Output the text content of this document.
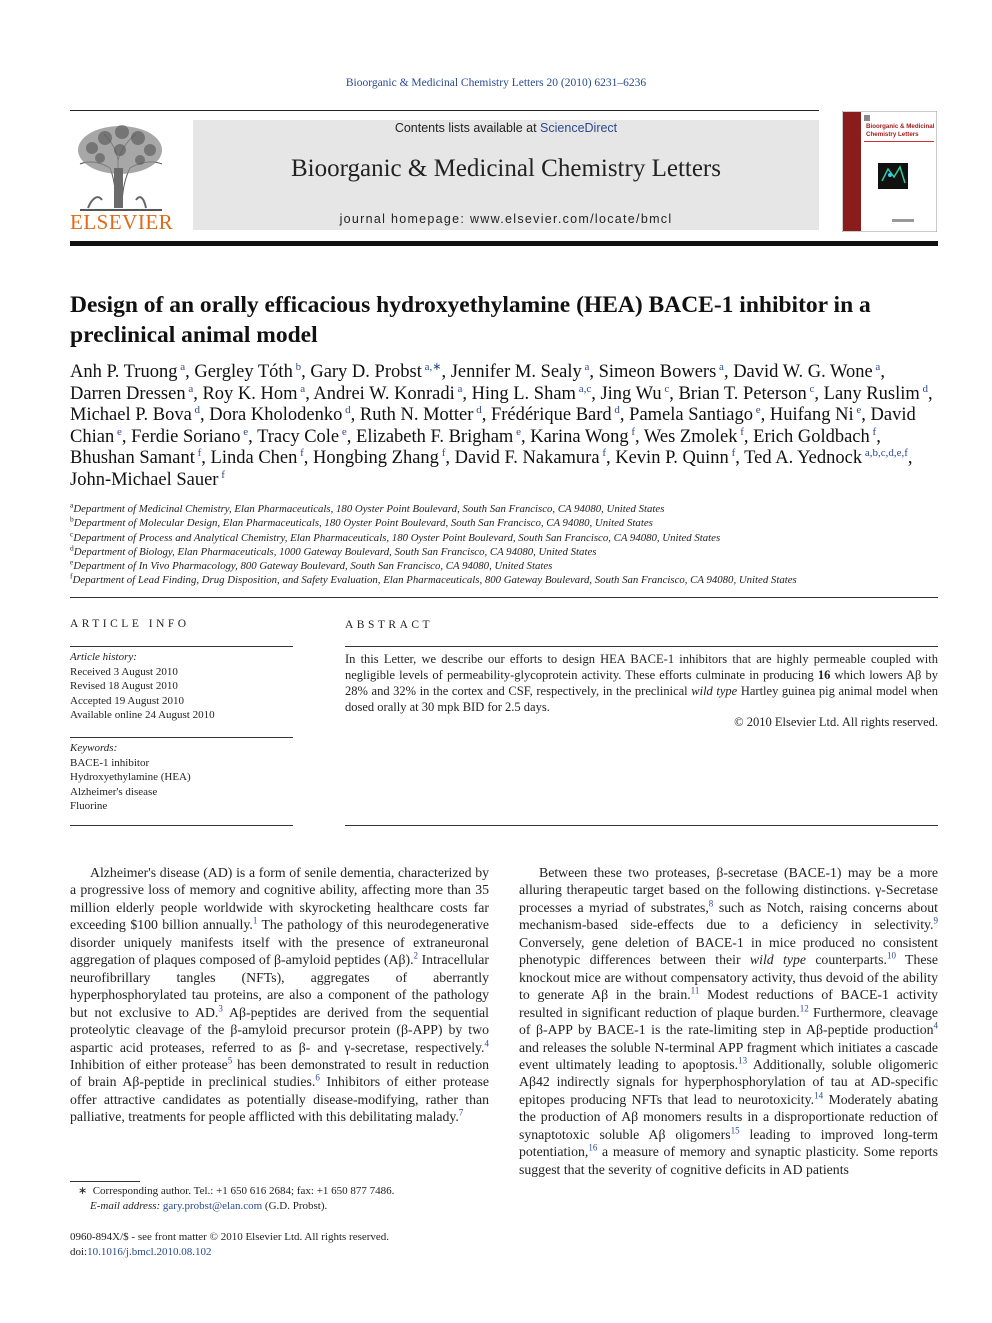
Bioorganic & Medicinal Chemistry Letters 20 (2010) 6231–6236
ELSEVIER
Contents lists available at ScienceDirect
Bioorganic & Medicinal Chemistry Letters
journal homepage: www.elsevier.com/locate/bmcl
Bioorganic & Medicinal
Chemistry Letters
Design of an orally efficacious hydroxyethylamine (HEA) BACE-1 inhibitor in a preclinical animal model
Anh P. Truong $^a$, Gergley Tóth $^b$, Gary D. Probst $^{a,∗}$, Jennifer M. Sealy $^a$, Simeon Bowers $^a$, David W. G. Wone $^a$, Darren Dressen $^a$, Roy K. Hom $^a$, Andrei W. Konradi $^a$, Hing L. Sham $^{a,c}$, Jing Wu $^c$, Brian T. Peterson $^c$, Lany Ruslim $^d$, Michael P. Bova $^d$, Dora Kholodenko $^d$, Ruth N. Motter $^d$, Frédérique Bard $^d$, Pamela Santiago $^e$, Huifang Ni $^e$, David Chian $^e$, Ferdie Soriano $^e$, Tracy Cole $^e$, Elizabeth F. Brigham $^e$, Karina Wong $^f$, Wes Zmolek $^f$, Erich Goldbach $^f$, Bhushan Samant $^f$, Linda Chen $^f$, Hongbing Zhang $^f$, David F. Nakamura $^f$, Kevin P. Quinn $^f$, Ted A. Yednock $^{a,b,c,d,e,f}$, John-Michael Sauer $^f$
$^a$Department of Medicinal Chemistry, Elan Pharmaceuticals, 180 Oyster Point Boulevard, South San Francisco, CA 94080, United States
$^b$Department of Molecular Design, Elan Pharmaceuticals, 180 Oyster Point Boulevard, South San Francisco, CA 94080, United States
$^c$Department of Process and Analytical Chemistry, Elan Pharmaceuticals, 180 Oyster Point Boulevard, South San Francisco, CA 94080, United States
$^d$Department of Biology, Elan Pharmaceuticals, 1000 Gateway Boulevard, South San Francisco, CA 94080, United States
$^e$Department of In Vivo Pharmacology, 800 Gateway Boulevard, South San Francisco, CA 94080, United States
$^f$Department of Lead Finding, Drug Disposition, and Safety Evaluation, Elan Pharmaceuticals, 800 Gateway Boulevard, South San Francisco, CA 94080, United States
ARTICLE INFO
Article history:
Received 3 August 2010
Revised 18 August 2010
Accepted 19 August 2010
Available online 24 August 2010
Keywords:
BACE-1 inhibitor
Hydroxyethylamine (HEA)
Alzheimer's disease
Fluorine
ABSTRACT
In this Letter, we describe our efforts to design HEA BACE-1 inhibitors that are highly permeable coupled with negligible levels of permeability-glycoprotein activity. These efforts culminate in producing 16 which lowers Aβ by 28% and 32% in the cortex and CSF, respectively, in the preclinical wild type Hartley guinea pig animal model when dosed orally at 30 mpk BID for 2.5 days.
© 2010 Elsevier Ltd. All rights reserved.
Alzheimer's disease (AD) is a form of senile dementia, characterized by a progressive loss of memory and cognitive ability, affecting more than 35 million elderly people worldwide with skyrocketing healthcare costs far exceeding $100 billion annually.$^1$ The pathology of this neurodegenerative disorder uniquely manifests itself with the presence of extraneuronal aggregation of plaques composed of β-amyloid peptides (Aβ).$^2$ Intracellular neurofibrillary tangles (NFTs), aggregates of aberrantly hyperphosphorylated tau proteins, are also a component of the pathology but not exclusive to AD.$^3$ Aβ-peptides are derived from the sequential proteolytic cleavage of the β-amyloid precursor protein (β-APP) by two aspartic acid proteases, referred to as β- and γ-secretase, respectively.$^4$ Inhibition of either protease$^5$ has been demonstrated to result in reduction of brain Aβ-peptide in preclinical studies.$^6$ Inhibitors of either protease offer attractive candidates as potentially disease-modifying, rather than palliative, treatments for people afflicted with this debilitating malady.$^7$
Between these two proteases, β-secretase (BACE-1) may be a more alluring therapeutic target based on the following distinctions. γ-Secretase processes a myriad of substrates,$^8$ such as Notch, raising concerns about mechanism-based side-effects due to a deficiency in selectivity.$^9$ Conversely, gene deletion of BACE-1 in mice produced no consistent phenotypic differences between their wild type counterparts.$^{10}$ These knockout mice are without compensatory activity, thus devoid of the ability to generate Aβ in the brain.$^{11}$ Modest reductions of BACE-1 activity resulted in significant reduction of plaque burden.$^{12}$ Furthermore, cleavage of β-APP by BACE-1 is the rate-limiting step in Aβ-peptide production$^4$ and releases the soluble N-terminal APP fragment which initiates a cascade event ultimately leading to apoptosis.$^{13}$ Additionally, soluble oligomeric Aβ42 indirectly signals for hyperphosphorylation of tau at AD-specific epitopes producing NFTs that lead to neurotoxicity.$^{14}$ Moderately abating the production of Aβ monomers results in a disproportionate reduction of synaptotoxic soluble Aβ oligomers$^{15}$ leading to improved long-term potentiation,$^{16}$ a measure of memory and synaptic plasticity. Some reports suggest that the severity of cognitive deficits in AD patients
∗ Corresponding author. Tel.: +1 650 616 2684; fax: +1 650 877 7486.
E-mail address: gary.probst@elan.com (G.D. Probst).
0960-894X/$ - see front matter © 2010 Elsevier Ltd. All rights reserved.
doi:10.1016/j.bmcl.2010.08.102
